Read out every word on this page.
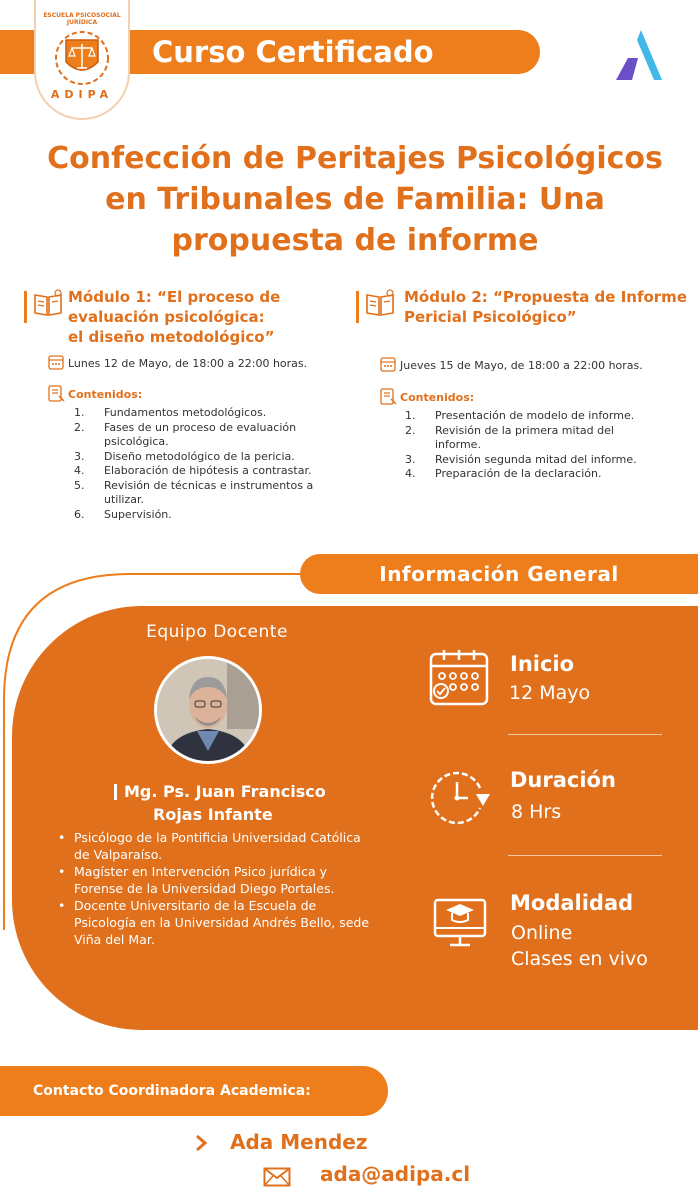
Curso Certificado
ESCUELA PSICOSOCIAL JURÍDICA
ADIPA
Confección de Peritajes Psicológicos
en Tribunales de Familia: Una
propuesta de informe
Módulo 1: “El proceso de
evaluación psicológica:
el diseño metodológico”
Lunes 12 de Mayo, de 18:00 a 22:00 horas.
Contenidos:
1. Fundamentos metodológicos.
2. Fases de un proceso de evaluación
psicológica.
3. Diseño metodológico de la pericia.
4. Elaboración de hipótesis a contrastar.
5. Revisión de técnicas e instrumentos a
utilizar.
6. Supervisión.
Módulo 2: “Propuesta de Informe
Pericial Psicológico”
Jueves 15 de Mayo, de 18:00 a 22:00 horas.
Contenidos:
1. Presentación de modelo de informe.
2. Revisión de la primera mitad del
informe.
3. Revisión segunda mitad del informe.
4. Preparación de la declaración.
Información General
Equipo Docente
Mg. Ps. Juan Francisco
Rojas Infante
• Psicólogo de la Pontificia Universidad Católica de Valparaíso.
• Magíster en Intervención Psico jurídica y Forense de la Universidad Diego Portales.
• Docente Universitario de la Escuela de Psicología en la Universidad Andrés Bello, sede Viña del Mar.
Inicio
12 Mayo
Duración
8 Hrs
Modalidad
Online
Clases en vivo
Contacto Coordinadora Academica:
Ada Mendez
ada@adipa.cl
